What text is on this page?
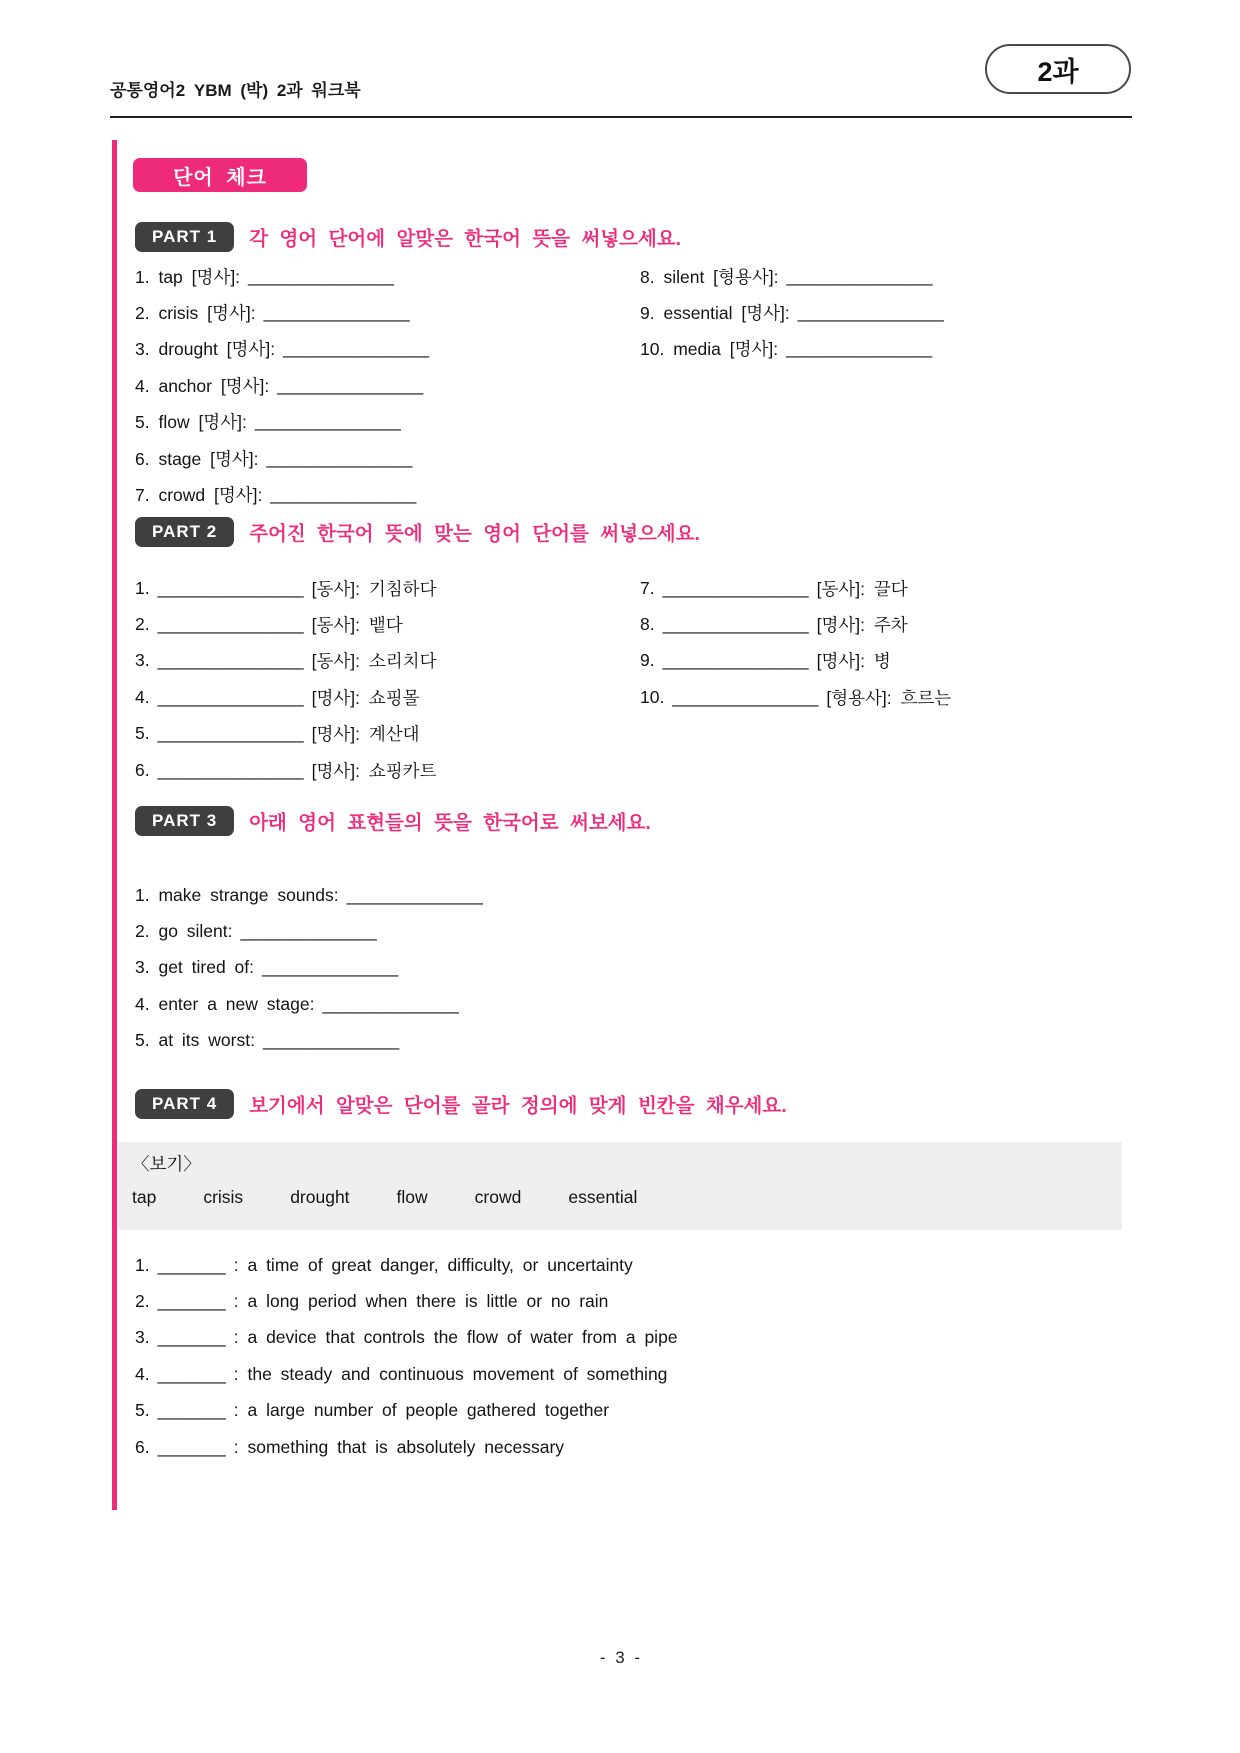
공통영어2 YBM (박) 2과 워크북
2과
단어 체크
PART 1	각 영어 단어에 알맞은 한국어 뜻을 써넣으세요.
1. tap [명사]: _______________
2. crisis [명사]: _______________
3. drought [명사]: _______________
4. anchor [명사]: _______________
5. flow [명사]: _______________
6. stage [명사]: _______________
7. crowd [명사]: _______________
8. silent [형용사]: _______________
9. essential [명사]: _______________
10. media [명사]: _______________
PART 2	주어진 한국어 뜻에 맞는 영어 단어를 써넣으세요.
1. _______________ [동사]: 기침하다
2. _______________ [동사]: 뱉다
3. _______________ [동사]: 소리치다
4. _______________ [명사]: 쇼핑몰
5. _______________ [명사]: 계산대
6. _______________ [명사]: 쇼핑카트
7. _______________ [동사]: 끌다
8. _______________ [명사]: 주차
9. _______________ [명사]: 병
10. _______________ [형용사]: 흐르는
PART 3	아래 영어 표현들의 뜻을 한국어로 써보세요.
1. make strange sounds: ______________
2. go silent: ______________
3. get tired of: ______________
4. enter a new stage: ______________
5. at its worst: ______________
PART 4	보기에서 알맞은 단어를 골라 정의에 맞게 빈칸을 채우세요.
〈보기〉
tap	crisis	drought	flow	crowd	essential
1. _______ : a time of great danger, difficulty, or uncertainty
2. _______ : a long period when there is little or no rain
3. _______ : a device that controls the flow of water from a pipe
4. _______ : the steady and continuous movement of something
5. _______ : a large number of people gathered together
6. _______ : something that is absolutely necessary
- 3 -
